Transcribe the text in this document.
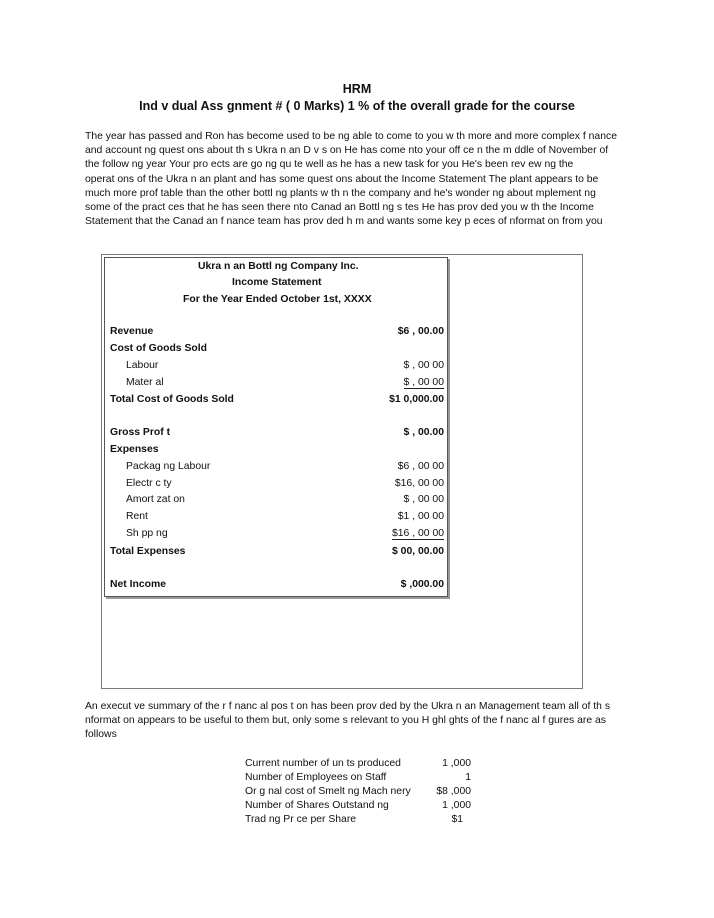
HRM
Ind v dual Ass gnment # ( 0 Marks) 1 % of the overall grade for the course

The year has passed and Ron has become used to be ng able to come to you w th more and more complex f nance

and account ng quest ons about th s Ukra n an D v s on He has come nto your off ce n the m ddle of November of

the follow ng year Your pro ects are go ng qu te well as he has a new task for you He's been rev ew ng the

operat ons of the Ukra n an plant and has some quest ons about the Income Statement The plant appears to be

much more prof table than the other bottl ng plants w th n the company and he's wonder ng about mplement ng

some of the pract ces that he has seen there nto Canad an Bottl ng s tes He has prov ded you w th the Income

Statement that the Canad an f nance team has prov ded h m and wants some key p eces of nformat on from you

Ukra n an Bottl ng Company Inc.
Income Statement
For the Year Ended October 1st, XXXX
Revenue	$6 , 00.00
Cost of Goods Sold
Labour	$ , 00 00
Mater al	$ , 00 00
Total Cost of Goods Sold	$1 0,000.00
Gross Prof t	$ , 00.00
Expenses
Packag ng Labour	$6 , 00 00
Electr c ty	$16, 00 00
Amort zat on	$ , 00 00
Rent	$1 , 00 00
Sh pp ng	$16 , 00 00
Total Expenses	$ 00, 00.00
Net Income	$ ,000.00

An execut ve summary of the r f nanc al pos t on has been prov ded by the Ukra n an Management team all of th s

nformat on appears to be useful to them but, only some s relevant to you H ghl ghts of the f nanc al f gures are as

follows

Current number of un ts produced	1 ,000
Number of Employees on Staff	1
Or g nal cost of Smelt ng Mach nery $8 ,000
Number of Shares Outstand ng	1 ,000
Trad ng Pr ce per Share	$1
